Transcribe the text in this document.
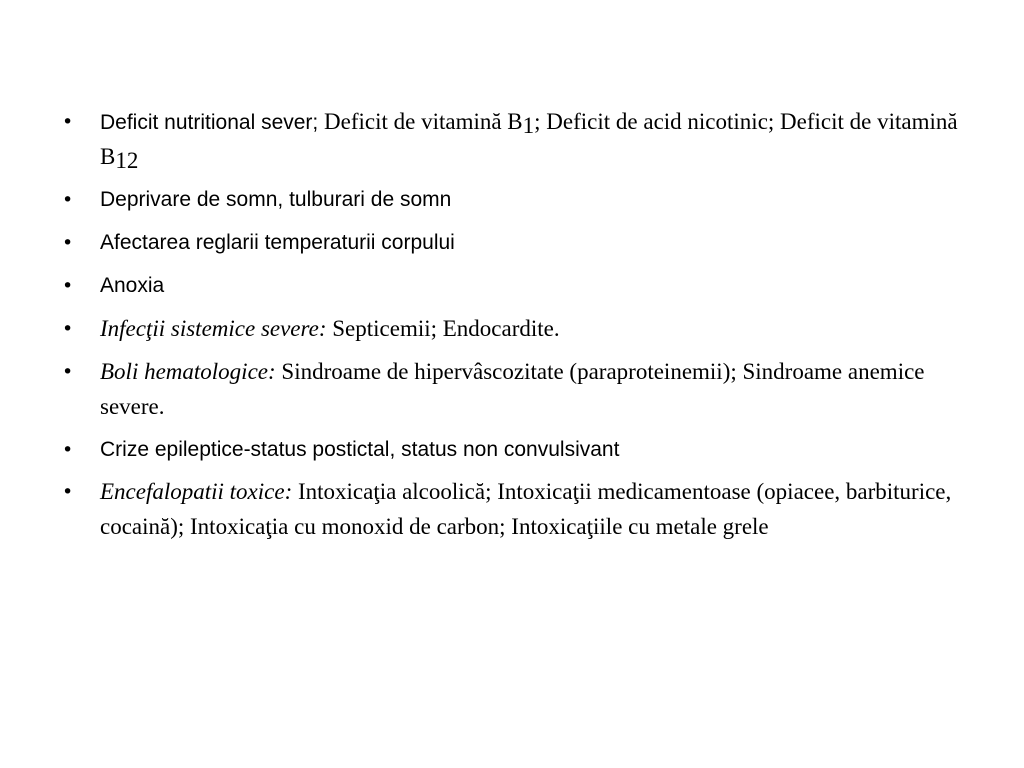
•	Deficit nutritional sever; Deficit de vitamină $B_1$; Deficit de acid nicotinic; Deficit de vitamină $B_{12}$
•	Deprivare de somn, tulburari de somn
•	Afectarea reglarii temperaturii corpului
•	Anoxia
•	Infecţii sistemice severe: Septicemii; Endocardite.
•	Boli hematologice: Sindroame de hipervâscozitate (paraproteinemii); Sindroame anemice severe.
•	Crize epileptice-status postictal, status non convulsivant
•	Encefalopatii toxice: Intoxicaţia alcoolică; Intoxicaţii medicamentoase (opiacee, barbiturice, cocaină); Intoxicaţia cu monoxid de carbon; Intoxicaţiile cu metale grele
